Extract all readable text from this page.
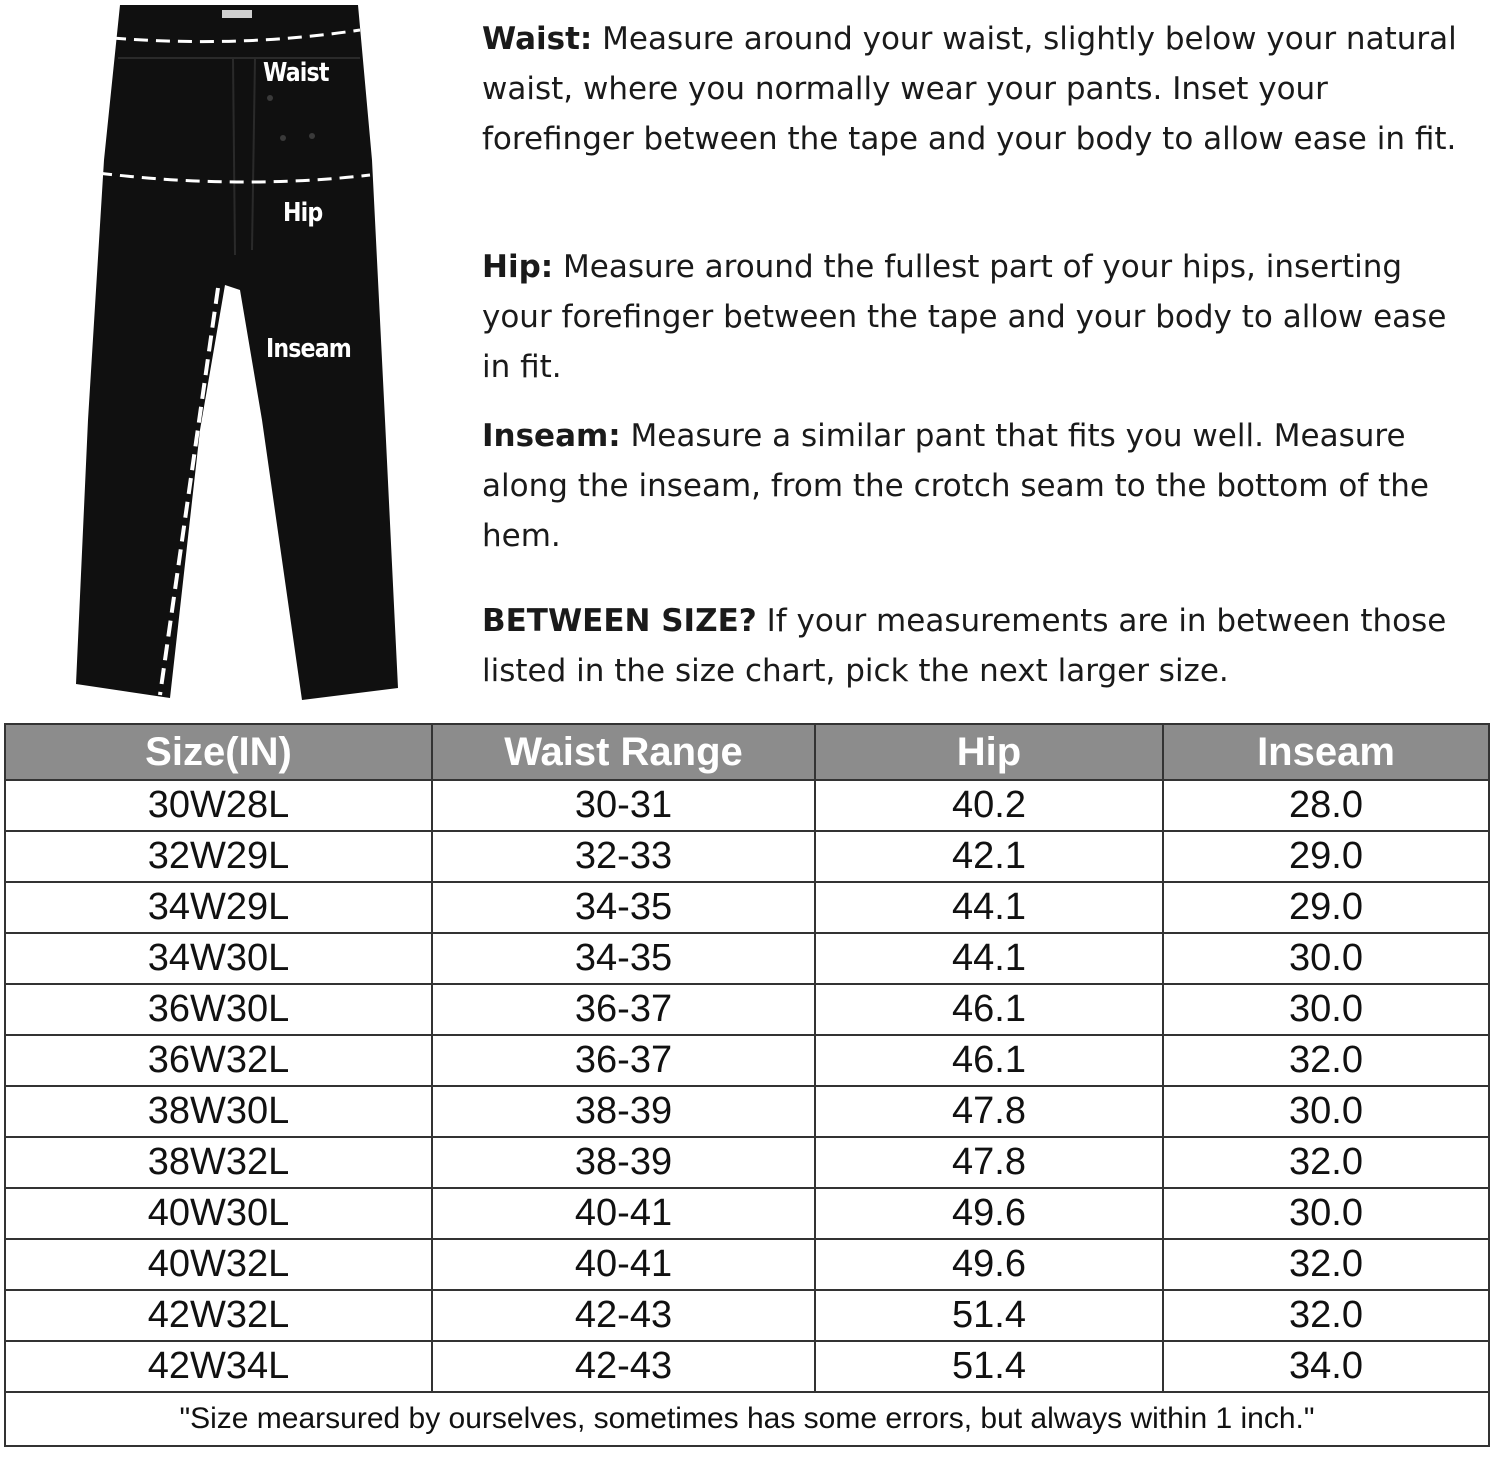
Waist
Hip
Inseam

Waist: Measure around your waist, slightly below your natural waist, where you normally wear your pants. Inset your forefinger between the tape and your body to allow ease in fit.

Hip: Measure around the fullest part of your hips, inserting your forefinger between the tape and your body to allow ease in fit.

Inseam: Measure a similar pant that fits you well. Measure along the inseam, from the crotch seam to the bottom of the hem.

BETWEEN SIZE? If your measurements are in between those listed in the size chart, pick the next larger size.

Size(IN)	Waist Range	Hip	Inseam
30W28L	30-31	40.2	28.0
32W29L	32-33	42.1	29.0
34W29L	34-35	44.1	29.0
34W30L	34-35	44.1	30.0
36W30L	36-37	46.1	30.0
36W32L	36-37	46.1	32.0
38W30L	38-39	47.8	30.0
38W32L	38-39	47.8	32.0
40W30L	40-41	49.6	30.0
40W32L	40-41	49.6	32.0
42W32L	42-43	51.4	32.0
42W34L	42-43	51.4	34.0
"Size mearsured by ourselves, sometimes has some errors, but always within 1 inch."			
